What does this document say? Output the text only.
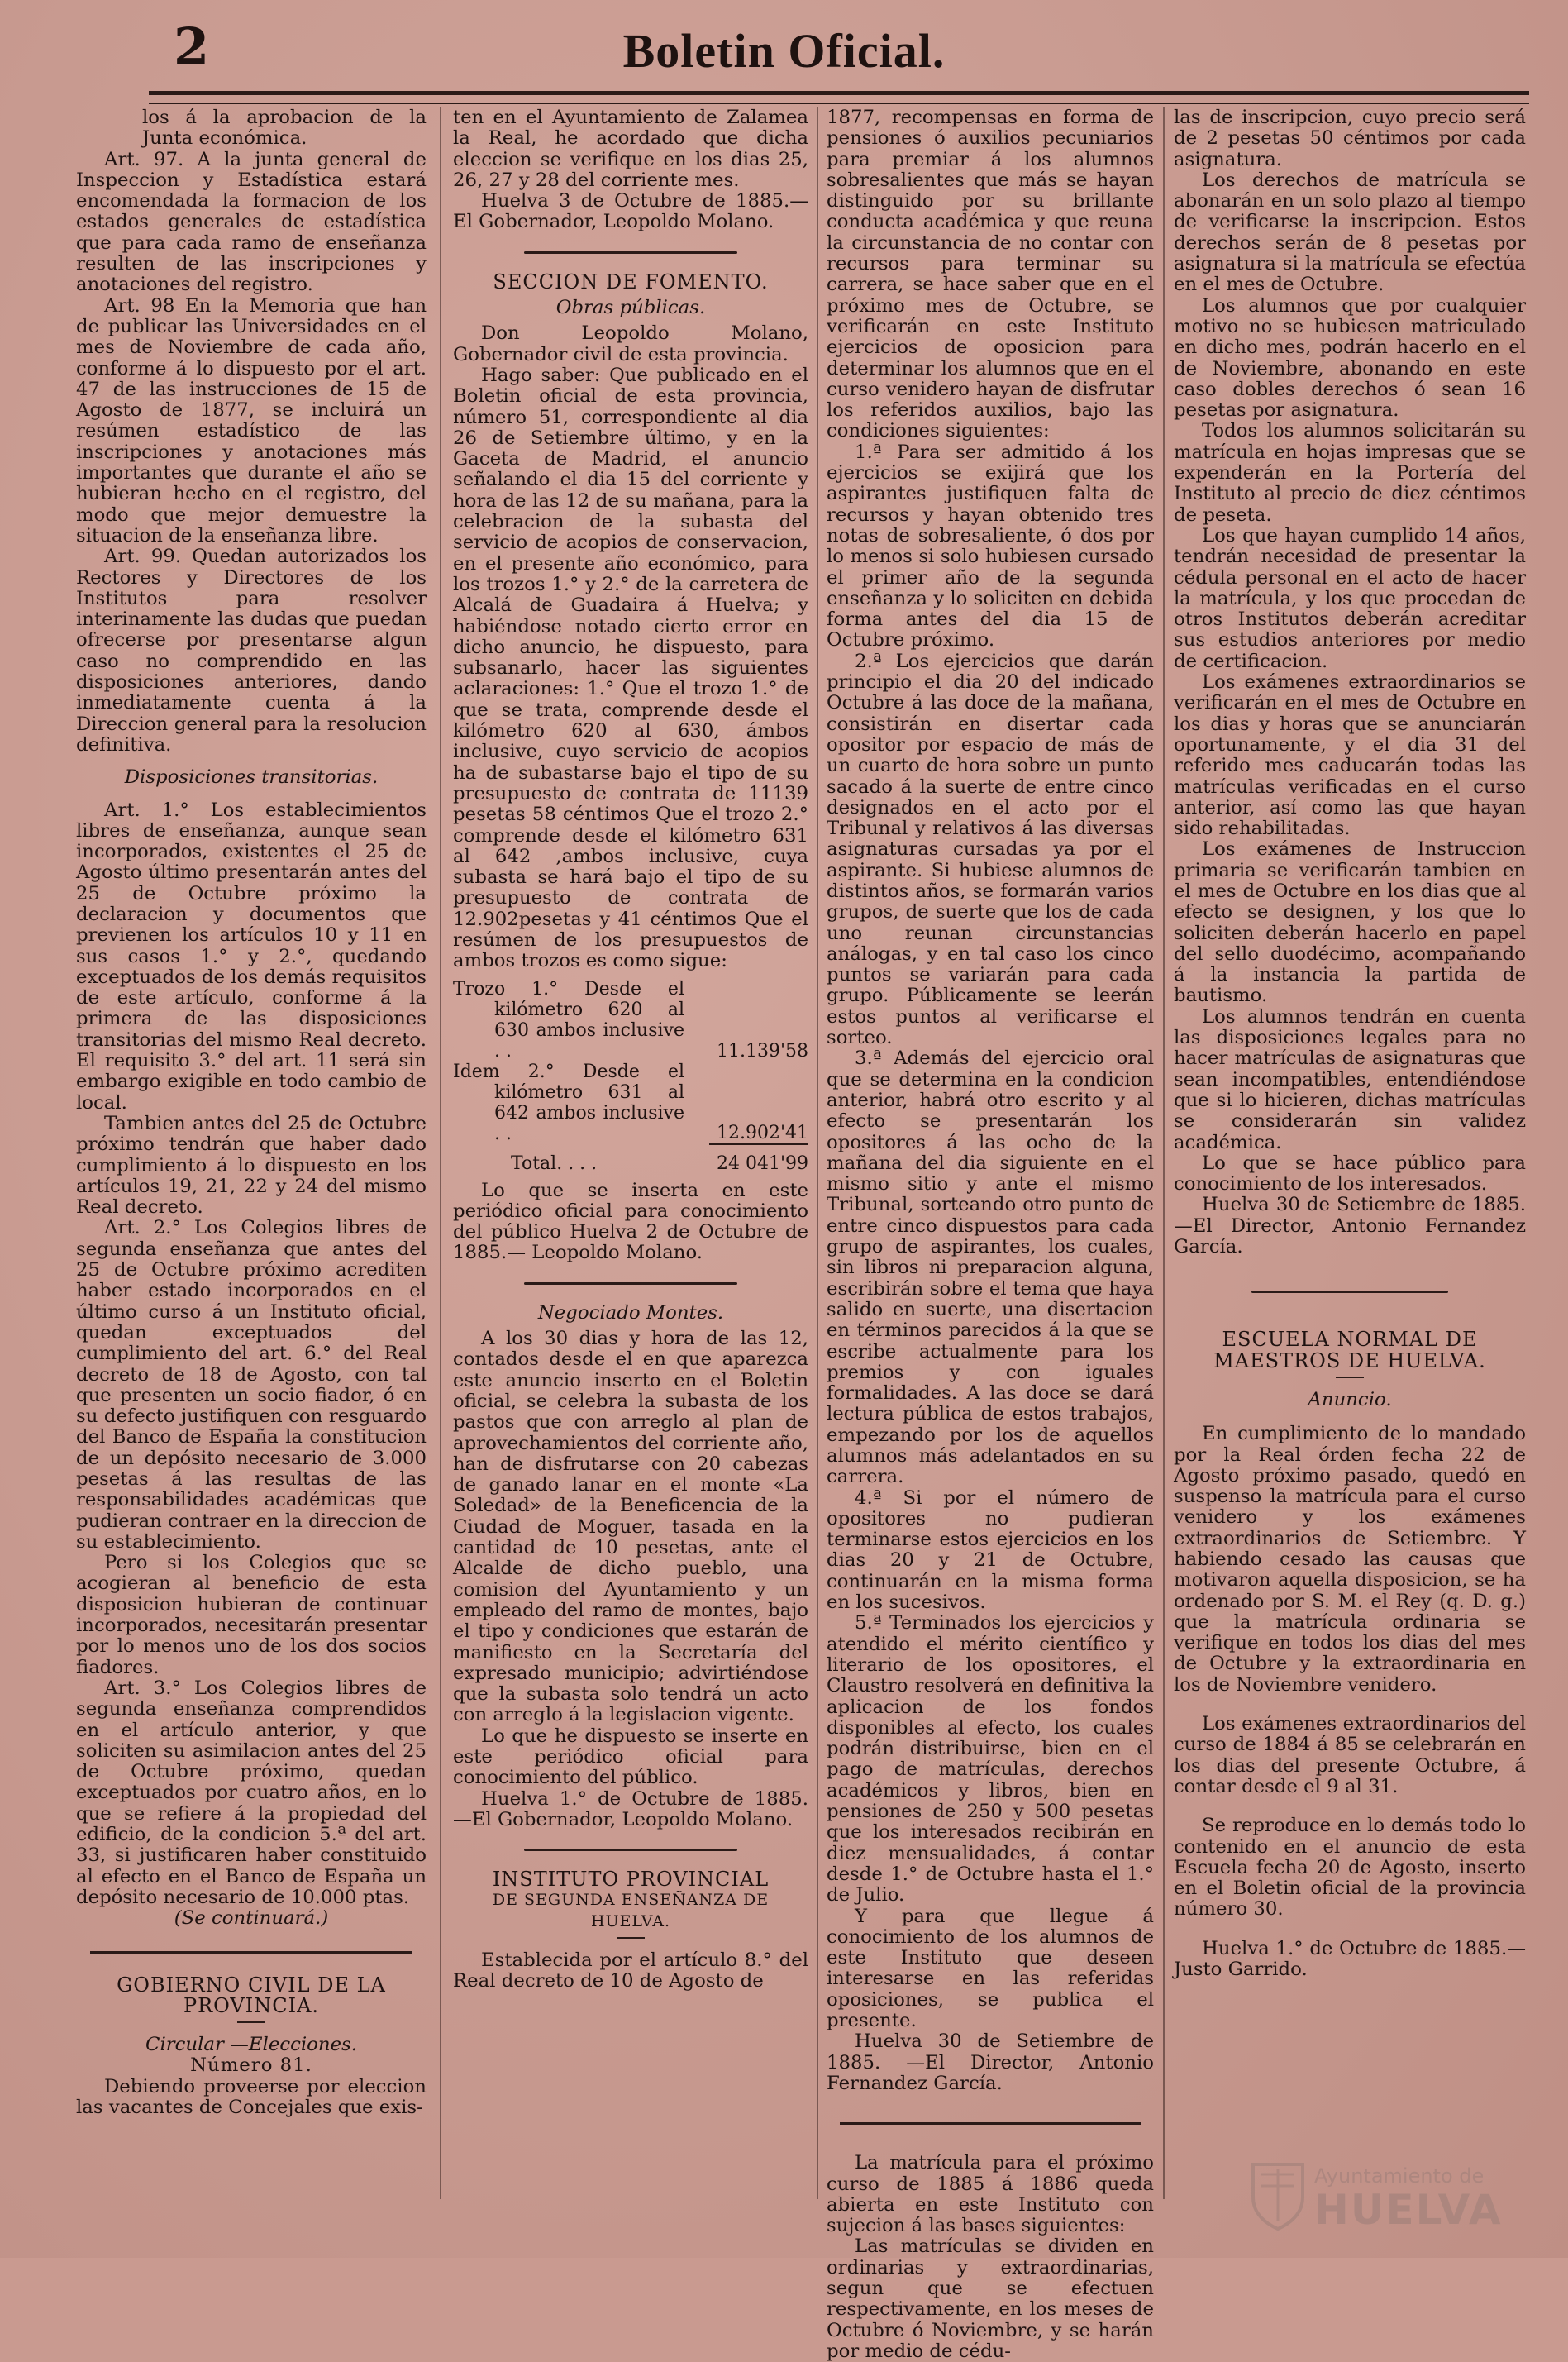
2	Boletin Oficial.

los á la aprobacion de la Junta económica.

Art. 97. A la junta general de Inspeccion y Estadística estará encomendada la formacion de los estados generales de estadística que para cada ramo de enseñanza resulten de las inscripciones y anotaciones del registro.

Art. 98 En la Memoria que han de publicar las Universidades en el mes de Noviembre de cada año, conforme á lo dispuesto por el art. 47 de las instrucciones de 15 de Agosto de 1877, se incluirá un resúmen estadístico de las inscripciones y anotaciones más importantes que durante el año se hubieran hecho en el registro, del modo que mejor demuestre la situacion de la enseñanza libre.

Art. 99. Quedan autorizados los Rectores y Directores de los Institutos para resolver interinamente las dudas que puedan ofrecerse por presentarse algun caso no comprendido en las disposiciones anteriores, dando inmediatamente cuenta á la Direccion general para la resolucion definitiva.

Disposiciones transitorias.

Art. 1.° Los establecimientos libres de enseñanza, aunque sean incorporados, existentes el 25 de Agosto último presentarán antes del 25 de Octubre próximo la declaracion y documentos que previenen los artículos 10 y 11 en sus casos 1.° y 2.°, quedando exceptuados de los demás requisitos de este artículo, conforme á la primera de las disposiciones transitorias del mismo Real decreto. El requisito 3.° del art. 11 será sin embargo exigible en todo cambio de local.

Tambien antes del 25 de Octubre próximo tendrán que haber dado cumplimiento á lo dispuesto en los artículos 19, 21, 22 y 24 del mismo Real decreto.

Art. 2.° Los Colegios libres de segunda enseñanza que antes del 25 de Octubre próximo acrediten haber estado incorporados en el último curso á un Instituto oficial, quedan exceptuados del cumplimiento del art. 6.° del Real decreto de 18 de Agosto, con tal que presenten un socio fiador, ó en su defecto justifiquen con resguardo del Banco de España la constitucion de un depósito necesario de 3.000 pesetas á las resultas de las responsabilidades académicas que pudieran contraer en la direccion de su establecimiento.

Pero si los Colegios que se acogieran al beneficio de esta disposicion hubieran de continuar incorporados, necesitarán presentar por lo menos uno de los dos socios fiadores.

Art. 3.° Los Colegios libres de segunda enseñanza comprendidos en el artículo anterior, y que soliciten su asimilacion antes del 25 de Octubre próximo, quedan exceptuados por cuatro años, en lo que se refiere á la propiedad del edificio, de la condicion 5.ª del art. 33, si justificaren haber constituido al efecto en el Banco de España un depósito necesario de 10.000 ptas.

(Se continuará.)

GOBIERNO CIVIL DE LA PROVINCIA.

Circular —Elecciones.

Número 81.

Debiendo proveerse por eleccion las vacantes de Concejales que exis-

ten en el Ayuntamiento de Zalamea la Real, he acordado que dicha eleccion se verifique en los dias 25, 26, 27 y 28 del corriente mes.

Huelva 3 de Octubre de 1885.— El Gobernador, Leopoldo Molano.

SECCION DE FOMENTO.

Obras públicas.

Don Leopoldo Molano, Gobernador civil de esta provincia.

Hago saber: Que publicado en el Boletin oficial de esta provincia, número 51, correspondiente al dia 26 de Setiembre último, y en la Gaceta de Madrid, el anuncio señalando el dia 15 del corriente y hora de las 12 de su mañana, para la celebracion de la subasta del servicio de acopios de conservacion, en el presente año económico, para los trozos 1.° y 2.° de la carretera de Alcalá de Guadaira á Huelva; y habiéndose notado cierto error en dicho anuncio, he dispuesto, para subsanarlo, hacer las siguientes aclaraciones: 1.° Que el trozo 1.° de que se trata, comprende desde el kilómetro 620 al 630, ámbos inclusive, cuyo servicio de acopios ha de subastarse bajo el tipo de su presupuesto de contrata de 11139 pesetas 58 céntimos Que el trozo 2.° comprende desde el kilómetro 631 al 642 ,ambos inclusive, cuya subasta se hará bajo el tipo de su presupuesto de contrata de 12.902pesetas y 41 céntimos Que el resúmen de los presupuestos de ambos trozos es como sigue:

Trozo 1.° Desde el kilómetro 620 al 630 ambos inclusive . .	11.139'58
Idem 2.° Desde el kilómetro 631 al 642 ambos inclusive . .	12.902'41
Total. . . .	24 041'99

Lo que se inserta en este periódico oficial para conocimiento del público Huelva 2 de Octubre de 1885.— Leopoldo Molano.

Negociado Montes.

A los 30 dias y hora de las 12, contados desde el en que aparezca este anuncio inserto en el Boletin oficial, se celebra la subasta de los pastos que con arreglo al plan de aprovechamientos del corriente año, han de disfrutarse con 20 cabezas de ganado lanar en el monte «La Soledad» de la Beneficencia de la Ciudad de Moguer, tasada en la cantidad de 10 pesetas, ante el Alcalde de dicho pueblo, una comision del Ayuntamiento y un empleado del ramo de montes, bajo el tipo y condiciones que estarán de manifiesto en la Secretaría del expresado municipio; advirtiéndose que la subasta solo tendrá un acto con arreglo á la legislacion vigente.

Lo que he dispuesto se inserte en este periódico oficial para conocimiento del público.

Huelva 1.° de Octubre de 1885. —El Gobernador, Leopoldo Molano.

INSTITUTO PROVINCIAL

DE SEGUNDA ENSEÑANZA DE HUELVA.

Establecida por el artículo 8.° del Real decreto de 10 de Agosto de

1877, recompensas en forma de pensiones ó auxilios pecuniarios para premiar á los alumnos sobresalientes que más se hayan distinguido por su brillante conducta académica y que reuna la circunstancia de no contar con recursos para terminar su carrera, se hace saber que en el próximo mes de Octubre, se verificarán en este Instituto ejercicios de oposicion para determinar los alumnos que en el curso venidero hayan de disfrutar los referidos auxilios, bajo las condiciones siguientes:

1.ª Para ser admitido á los ejercicios se exijirá que los aspirantes justifiquen falta de recursos y hayan obtenido tres notas de sobresaliente, ó dos por lo menos si solo hubiesen cursado el primer año de la segunda enseñanza y lo soliciten en debida forma antes del dia 15 de Octubre próximo.

2.ª Los ejercicios que darán principio el dia 20 del indicado Octubre á las doce de la mañana, consistirán en disertar cada opositor por espacio de más de un cuarto de hora sobre un punto sacado á la suerte de entre cinco designados en el acto por el Tribunal y relativos á las diversas asignaturas cursadas ya por el aspirante. Si hubiese alumnos de distintos años, se formarán varios grupos, de suerte que los de cada uno reunan circunstancias análogas, y en tal caso los cinco puntos se variarán para cada grupo. Públicamente se leerán estos puntos al verificarse el sorteo.

3.ª Además del ejercicio oral que se determina en la condicion anterior, habrá otro escrito y al efecto se presentarán los opositores á las ocho de la mañana del dia siguiente en el mismo sitio y ante el mismo Tribunal, sorteando otro punto de entre cinco dispuestos para cada grupo de aspirantes, los cuales, sin libros ni preparacion alguna, escribirán sobre el tema que haya salido en suerte, una disertacion en términos parecidos á la que se escribe actualmente para los premios y con iguales formalidades. A las doce se dará lectura pública de estos trabajos, empezando por los de aquellos alumnos más adelantados en su carrera.

4.ª Si por el número de opositores no pudieran terminarse estos ejercicios en los dias 20 y 21 de Octubre, continuarán en la misma forma en los sucesivos.

5.ª Terminados los ejercicios y atendido el mérito científico y literario de los opositores, el Claustro resolverá en definitiva la aplicacion de los fondos disponibles al efecto, los cuales podrán distribuirse, bien en el pago de matrículas, derechos académicos y libros, bien en pensiones de 250 y 500 pesetas que los interesados recibirán en diez mensualidades, á contar desde 1.° de Octubre hasta el 1.° de Julio.

Y para que llegue á conocimiento de los alumnos de este Instituto que deseen interesarse en las referidas oposiciones, se publica el presente.

Huelva 30 de Setiembre de 1885. —El Director, Antonio Fernandez García.

La matrícula para el próximo curso de 1885 á 1886 queda abierta en este Instituto con sujecion á las bases siguientes:

Las matrículas se dividen en ordinarias y extraordinarias, segun que se efectuen respectivamente, en los meses de Octubre ó Noviembre, y se harán por medio de cédu-

las de inscripcion, cuyo precio será de 2 pesetas 50 céntimos por cada asignatura.

Los derechos de matrícula se abonarán en un solo plazo al tiempo de verificarse la inscripcion. Estos derechos serán de 8 pesetas por asignatura si la matrícula se efectúa en el mes de Octubre.

Los alumnos que por cualquier motivo no se hubiesen matriculado en dicho mes, podrán hacerlo en el de Noviembre, abonando en este caso dobles derechos ó sean 16 pesetas por asignatura.

Todos los alumnos solicitarán su matrícula en hojas impresas que se expenderán en la Portería del Instituto al precio de diez céntimos de peseta.

Los que hayan cumplido 14 años, tendrán necesidad de presentar la cédula personal en el acto de hacer la matrícula, y los que procedan de otros Institutos deberán acreditar sus estudios anteriores por medio de certificacion.

Los exámenes extraordinarios se verificarán en el mes de Octubre en los dias y horas que se anunciarán oportunamente, y el dia 31 del referido mes caducarán todas las matrículas verificadas en el curso anterior, así como las que hayan sido rehabilitadas.

Los exámenes de Instruccion primaria se verificarán tambien en el mes de Octubre en los dias que al efecto se designen, y los que lo soliciten deberán hacerlo en papel del sello duodécimo, acompañando á la instancia la partida de bautismo.

Los alumnos tendrán en cuenta las disposiciones legales para no hacer matrículas de asignaturas que sean incompatibles, entendiéndose que si lo hicieren, dichas matrículas se considerarán sin validez académica.

Lo que se hace público para conocimiento de los interesados.

Huelva 30 de Setiembre de 1885. —El Director, Antonio Fernandez García.

ESCUELA NORMAL DE MAESTROS DE HUELVA.

Anuncio.

En cumplimiento de lo mandado por la Real órden fecha 22 de Agosto próximo pasado, quedó en suspenso la matrícula para el curso venidero y los exámenes extraordinarios de Setiembre. Y habiendo cesado las causas que motivaron aquella disposicion, se ha ordenado por S. M. el Rey (q. D. g.) que la matrícula ordinaria se verifique en todos los dias del mes de Octubre y la extraordinaria en los de Noviembre venidero.

Los exámenes extraordinarios del curso de 1884 á 85 se celebrarán en los dias del presente Octubre, á contar desde el 9 al 31.

Se reproduce en lo demás todo lo contenido en el anuncio de esta Escuela fecha 20 de Agosto, inserto en el Boletin oficial de la provincia número 30.

Huelva 1.° de Octubre de 1885.— Justo Garrido.

Ayuntamiento de
HUELVA
